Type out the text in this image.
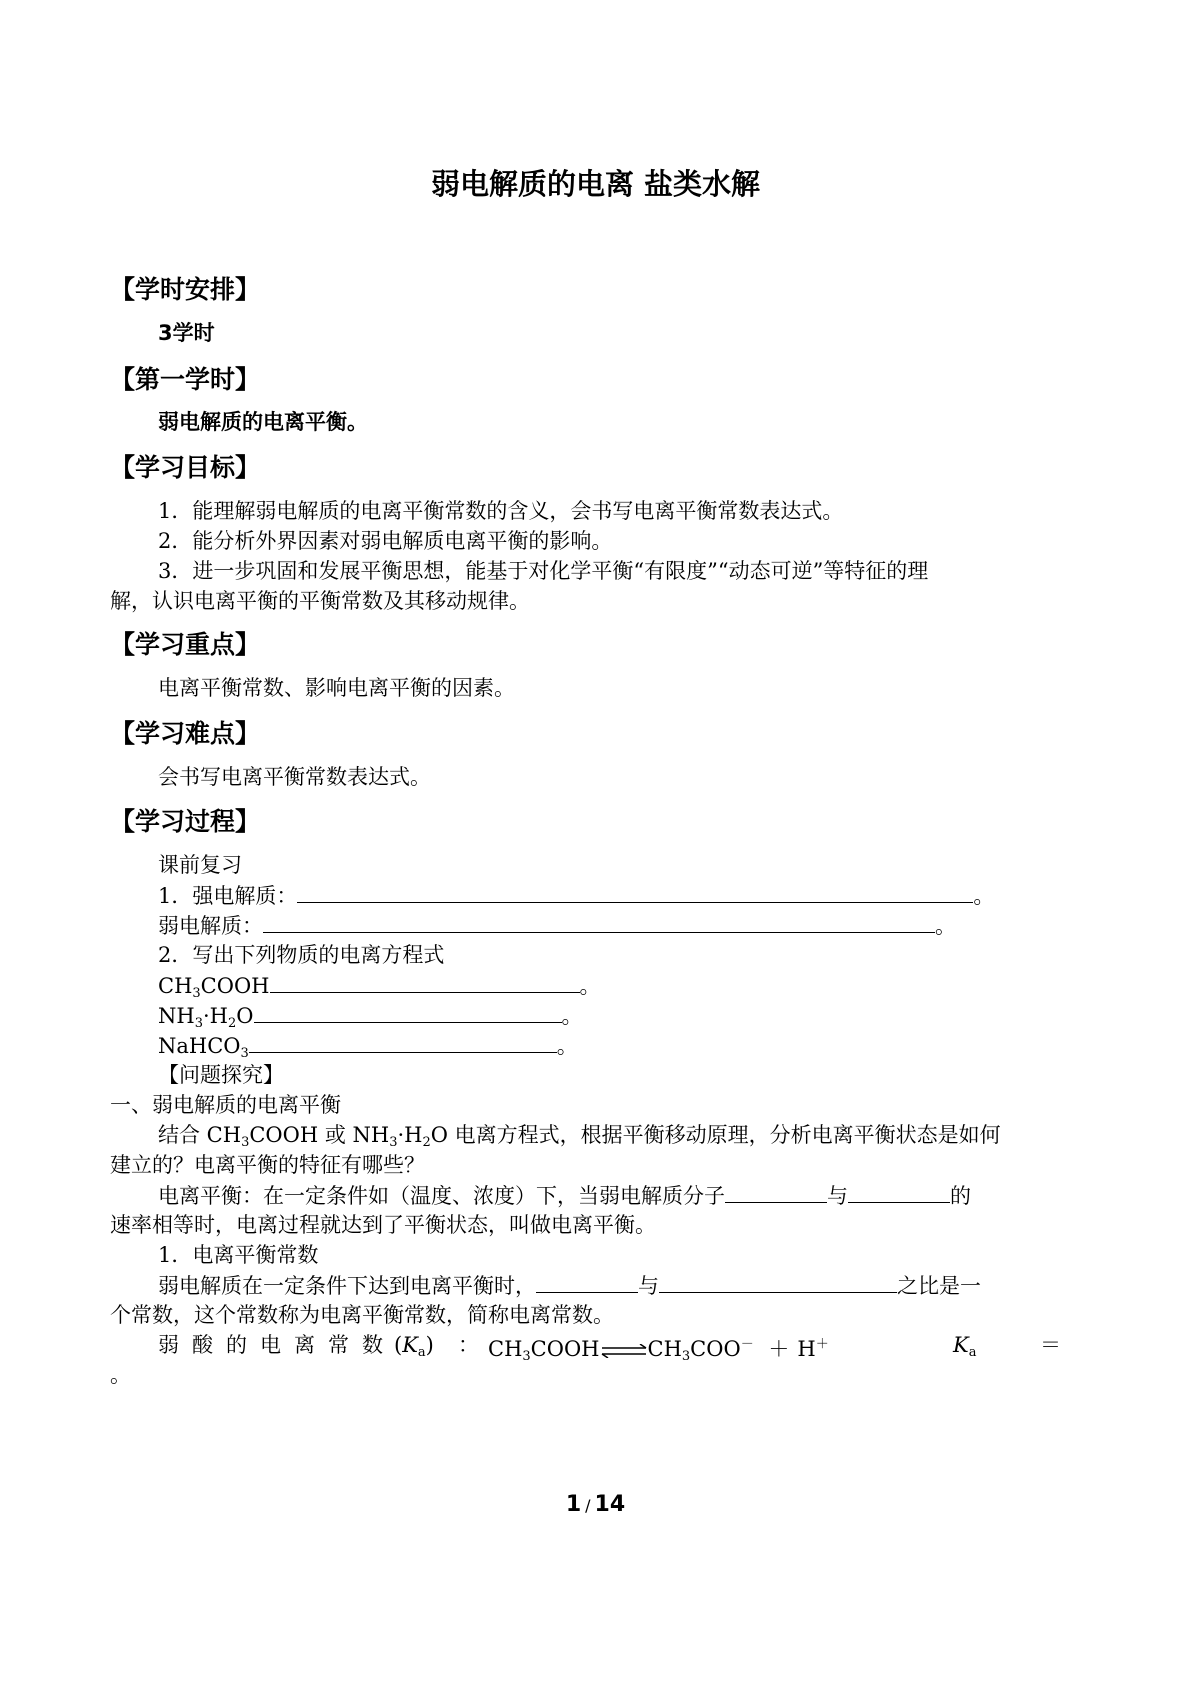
弱电解质的电离 盐类水解
【学时安排】
3学时
【第一学时】
弱电解质的电离平衡。
【学习目标】
1．能理解弱电解质的电离平衡常数的含义，会书写电离平衡常数表达式。
2．能分析外界因素对弱电解质电离平衡的影响。
3．进一步巩固和发展平衡思想，能基于对化学平衡“有限度”“动态可逆”等特征的理
解，认识电离平衡的平衡常数及其移动规律。
【学习重点】
电离平衡常数、影响电离平衡的因素。
【学习难点】
会书写电离平衡常数表达式。
【学习过程】
课前复习
1．强电解质：	。
弱电解质：	。
2．写出下列物质的电离方程式
$CH_3COOH$	。
$NH_3\cdot H_2O$	。
NaHCO$_3$	。
【问题探究】
一、弱电解质的电离平衡
结合 $CH_3COOH$ 或 $NH_3\cdot H_2O$ 电离方程式，根据平衡移动原理，分析电离平衡状态是如何
建立的？电离平衡的特征有哪些？
电离平衡：在一定条件如（温度、浓度）下，当弱电解质分子	与	的
速率相等时，电离过程就达到了平衡状态，叫做电离平衡。
1．电离平衡常数
弱电解质在一定条件下达到电离平衡时，	与	之比是一
个常数，这个常数称为电离平衡常数，简称电离常数。
弱 酸 的 电 离 常 数 $(K_a)$ ： $CH_3COOH\rightleftharpoons CH_3COO^- + H^+$	$K_a$	＝
。
1 / 14
